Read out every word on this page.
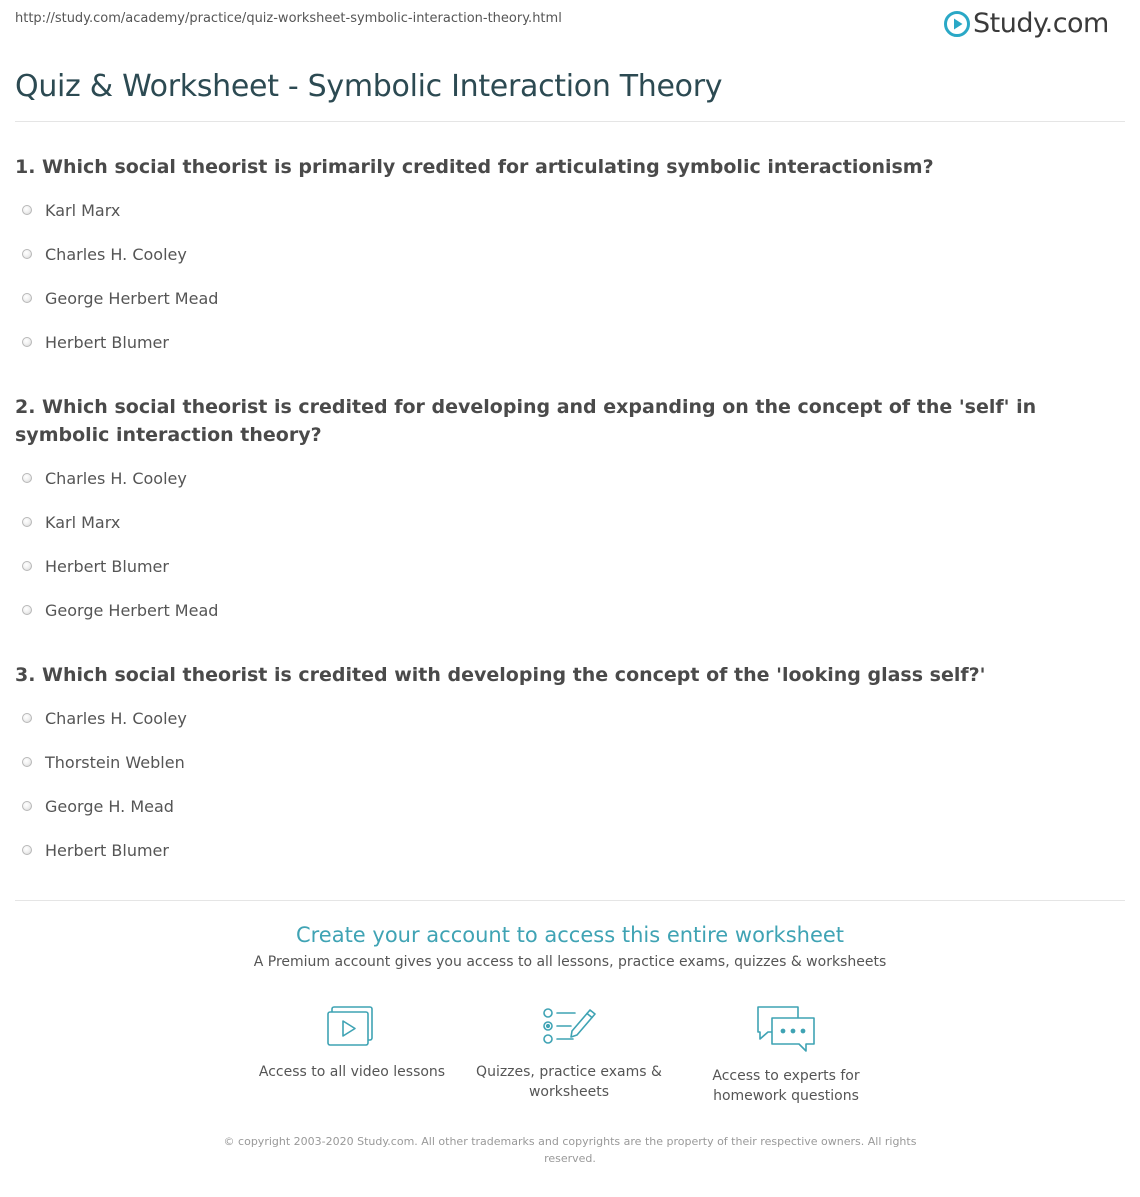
http://study.com/academy/practice/quiz-worksheet-symbolic-interaction-theory.html	Study.com
Quiz & Worksheet - Symbolic Interaction Theory
1. Which social theorist is primarily credited for articulating symbolic interactionism?
Karl Marx
Charles H. Cooley
George Herbert Mead
Herbert Blumer
2. Which social theorist is credited for developing and expanding on the concept of the 'self' in symbolic interaction theory?
Charles H. Cooley
Karl Marx
Herbert Blumer
George Herbert Mead
3. Which social theorist is credited with developing the concept of the 'looking glass self?'
Charles H. Cooley
Thorstein Weblen
George H. Mead
Herbert Blumer
Create your account to access this entire worksheet
A Premium account gives you access to all lessons, practice exams, quizzes & worksheets
Access to all video lessons	Quizzes, practice exams & worksheets
Access to experts for homework questions
© copyright 2003-2020 Study.com. All other trademarks and copyrights are the property of their respective owners. All rights reserved.
